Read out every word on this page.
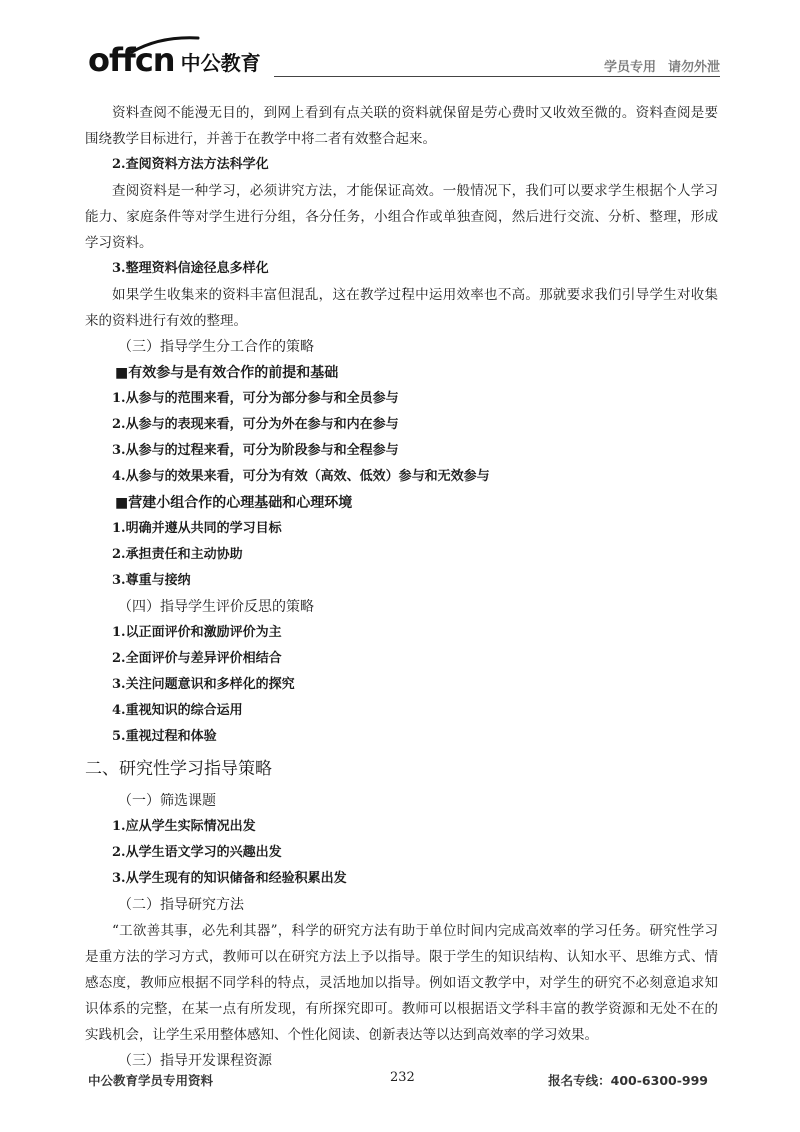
offcn 中公教育	学员专用 请勿外泄

资料查阅不能漫无目的，到网上看到有点关联的资料就保留是劳心费时又收效至微的。资料查阅是要围绕教学目标进行，并善于在教学中将二者有效整合起来。

2.查阅资料方法方法科学化

查阅资料是一种学习，必须讲究方法，才能保证高效。一般情况下，我们可以要求学生根据个人学习能力、家庭条件等对学生进行分组，各分任务，小组合作或单独查阅，然后进行交流、分析、整理，形成学习资料。

3.整理资料信途径息多样化

如果学生收集来的资料丰富但混乱，这在教学过程中运用效率也不高。那就要求我们引导学生对收集来的资料进行有效的整理。

（三）指导学生分工合作的策略

■有效参与是有效合作的前提和基础

1.从参与的范围来看，可分为部分参与和全员参与

2.从参与的表现来看，可分为外在参与和内在参与

3.从参与的过程来看，可分为阶段参与和全程参与

4.从参与的效果来看，可分为有效（高效、低效）参与和无效参与

■营建小组合作的心理基础和心理环境

1.明确并遵从共同的学习目标

2.承担责任和主动协助

3.尊重与接纳

（四）指导学生评价反思的策略

1.以正面评价和激励评价为主

2.全面评价与差异评价相结合

3.关注问题意识和多样化的探究

4.重视知识的综合运用

5.重视过程和体验

二、研究性学习指导策略

（一）筛选课题

1.应从学生实际情况出发

2.从学生语文学习的兴趣出发

3.从学生现有的知识储备和经验积累出发

（二）指导研究方法

“工欲善其事，必先利其器”，科学的研究方法有助于单位时间内完成高效率的学习任务。研究性学习是重方法的学习方式，教师可以在研究方法上予以指导。限于学生的知识结构、认知水平、思维方式、情感态度，教师应根据不同学科的特点，灵活地加以指导。例如语文教学中，对学生的研究不必刻意追求知识体系的完整，在某一点有所发现，有所探究即可。教师可以根据语文学科丰富的教学资源和无处不在的实践机会，让学生采用整体感知、个性化阅读、创新表达等以达到高效率的学习效果。

（三）指导开发课程资源

中公教育学员专用资料	232	报名专线：400-6300-999
